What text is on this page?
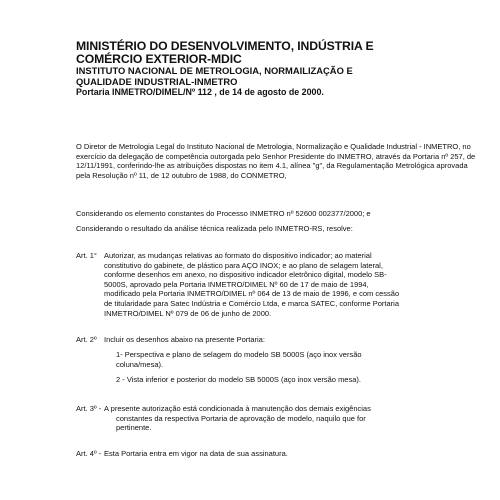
MINISTÉRIO DO DESENVOLVIMENTO, INDÚSTRIA E
COMÉRCIO EXTERIOR-MDIC
INSTITUTO NACIONAL DE METROLOGIA, NORMAILIZAÇÃO E
QUALIDADE INDUSTRIAL-INMETRO
Portaria INMETRO/DIMEL/Nº 112 , de 14 de agosto de 2000.
O Diretor de Metrologia Legal do Instituto Nacional de Metrologia, Normalização e Qualidade Industrial - INMETRO, no exercício da delegação de competência outorgada pelo Senhor Presidente do INMETRO, através da Portaria nº 257, de 12/11/1991, conferindo-lhe as atribuições dispostas no item 4.1, alínea "g", da Regulamentação Metrológica aprovada pela Resolução nº 11, de 12 outubro de 1988, do CONMETRO,
Considerando os elemento constantes do Processo INMETRO nº 52600 002377/2000; e
Considerando o resultado da análise técnica realizada pelo INMETRO-RS, resolve:
Art. 1° Autorizar, as mudanças relativas ao formato do dispositivo indicador; ao material constitutivo do gabinete, de plástico para AÇO INOX; e ao plano de selagem lateral, conforme desenhos em anexo, no dispositivo indicador eletrônico digital, modelo SB-5000S, aprovado pela Portaria INMETRO/DIMEL Nº 60 de 17 de maio de 1994, modificado pela Portaria INMETRO/DIMEL nº 064 de 13 de maio de 1996, e com cessão de titularidade para Satec Indústria e Comércio Ltda, e marca SATEC, conforme Portaria INMETRO/DIMEL Nº 079 de 06 de junho de 2000.
Art. 2º Incluir os desenhos abaixo na presente Portaria:
1- Perspectiva e plano de selagem do modelo SB 5000S (aço inox versão coluna/mesa).
2 - Vista inferior e posterior do modelo SB 5000S (aço inox versão mesa).
Art. 3º - A presente autorização está condicionada à manutenção dos demais exigências
constantes da respectiva Portaria de aprovação de modelo, naquilo que for pertinente.
Art. 4º - Esta Portaria entra em vigor na data de sua assinatura.
